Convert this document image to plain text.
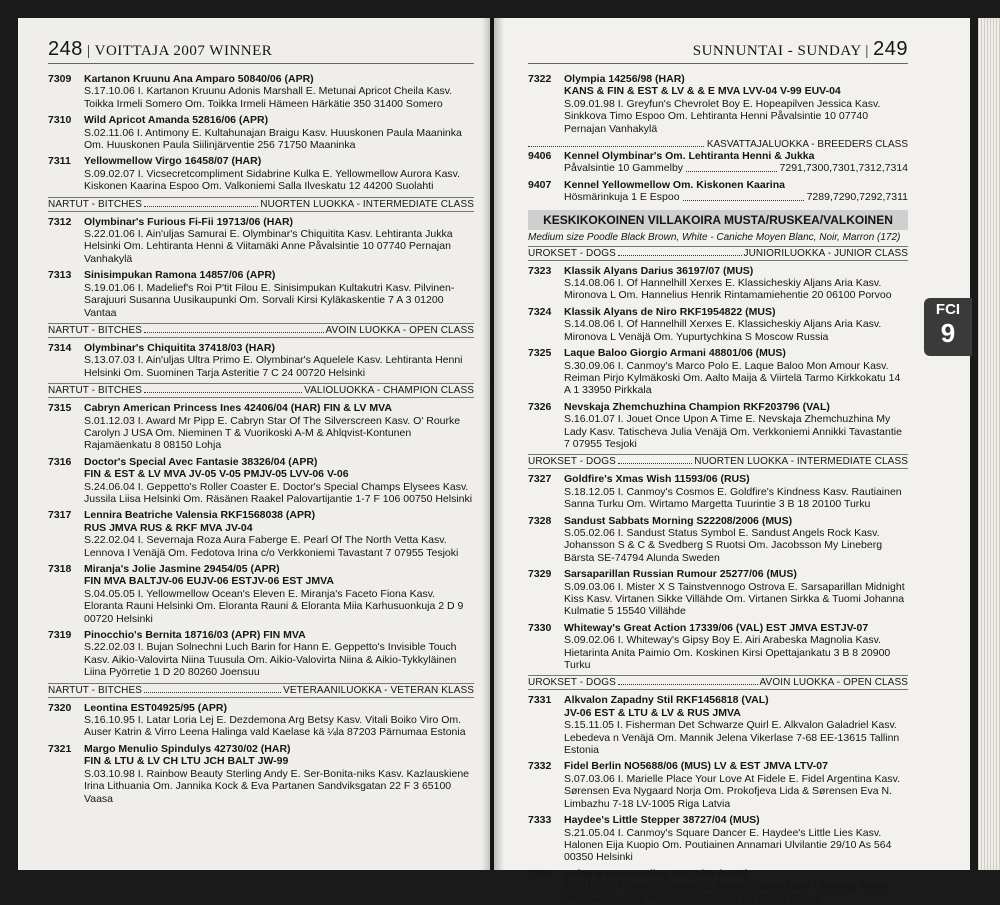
248 | VOITTAJA 2007 WINNER
7309	Kartanon Kruunu Ana Amparo 50840/06 (APR)
S.17.10.06 I. Kartanon Kruunu Adonis Marshall E. Metunai Apricot Cheila Kasv. Toikka Irmeli Somero Om. Toikka Irmeli Hämeen Härkätie 350 31400 Somero
7310	Wild Apricot Amanda 52816/06 (APR)
S.02.11.06 I. Antimony E. Kultahunajan Braigu Kasv. Huuskonen Paula Maaninka Om. Huuskonen Paula Siilinjärventie 256 71750 Maaninka
7311	Yellowmellow Virgo 16458/07 (HAR)
S.09.02.07 I. Vicsecretcompliment Sidabrine Kulka E. Yellowmellow Aurora Kasv. Kiskonen Kaarina Espoo Om. Valkoniemi Salla Ilveskatu 12 44200 Suolahti
NARTUT - BITCHES	NUORTEN LUOKKA - INTERMEDIATE CLASS
7312	Olymbinar's Furious Fi-Fii 19713/06 (HAR)
S.22.01.06 I. Ain'uljas Samurai E. Olymbinar's Chiquitita Kasv. Lehtiranta Jukka Helsinki Om. Lehtiranta Henni & Viitamäki Anne Påvalsintie 10 07740 Pernajan Vanhakylä
7313	Sinisimpukan Ramona 14857/06 (APR)
S.19.01.06 I. Madelief's Roi P'tit Filou E. Sinisimpukan Kultakutri Kasv. Pilvinen-Sarajuuri Susanna Uusikaupunki Om. Sorvali Kirsi Kyläkaskentie 7 A 3 01200 Vantaa
NARTUT - BITCHES	AVOIN LUOKKA - OPEN CLASS
7314	Olymbinar's Chiquitita 37418/03 (HAR)
S.13.07.03 I. Ain'uljas Ultra Primo E. Olymbinar's Aquelele Kasv. Lehtiranta Henni Helsinki Om. Suominen Tarja Asteritie 7 C 24 00720 Helsinki
NARTUT - BITCHES	VALIOLUOKKA - CHAMPION CLASS
7315	Cabryn American Princess Ines 42406/04 (HAR) FIN & LV MVA
S.01.12.03 I. Award Mr Pipp E. Cabryn Star Of The Silverscreen Kasv. O' Rourke Carolyn J USA Om. Nieminen T & Vuorikoski A-M & Ahlqvist-Kontunen Rajamäenkatu 8 08150 Lohja
7316	Doctor's Special Avec Fantasie 38326/04 (APR)
FIN & EST & LV MVA JV-05 V-05 PMJV-05 LVV-06 V-06
S.24.06.04 I. Geppetto's Roller Coaster E. Doctor's Special Champs Elysees Kasv. Jussila Liisa Helsinki Om. Räsänen Raakel Palovartijantie 1-7 F 106 00750 Helsinki
7317	Lennira Beatriche Valensia RKF1568038 (APR)
RUS JMVA RUS & RKF MVA JV-04
S.22.02.04 I. Severnaja Roza Aura Faberge E. Pearl Of The North Vetta Kasv. Lennova I Venäjä Om. Fedotova Irina c/o Verkkoniemi Tavastant 7 07955 Tesjoki
7318	Miranja's Jolie Jasmine 29454/05 (APR)
FIN MVA BALTJV-06 EUJV-06 ESTJV-06 EST JMVA
S.04.05.05 I. Yellowmellow Ocean's Eleven E. Miranja's Faceto Fiona Kasv. Eloranta Rauni Helsinki Om. Eloranta Rauni & Eloranta Miia Karhusuonkuja 2 D 9 00720 Helsinki
7319	Pinocchio's Bernita 18716/03 (APR) FIN MVA
S.22.02.03 I. Bujan Solnechni Luch Barin for Hann E. Geppetto's Invisible Touch Kasv. Aikio-Valovirta Niina Tuusula Om. Aikio-Valovirta Niina & Aikio-Tykkyläinen Liina Pyörretie 1 D 20 80260 Joensuu
NARTUT - BITCHES	VETERAANILUOKKA - VETERAN KLASS
7320	Leontina EST04925/95 (APR)
S.16.10.95 I. Latar Loria Lej E. Dezdemona Arg Betsy Kasv. Vitali Boiko Viro Om. Auser Katrin & Virro Leena Halinga vald Kaelase kä ¼la 87203 Pärnumaa Estonia
7321	Margo Menulio Spindulys 42730/02 (HAR)
FIN & LTU & LV CH LTU JCH BALT JW-99
S.03.10.98 I. Rainbow Beauty Sterling Andy E. Ser-Bonita-niks Kasv. Kazlauskiene Irina Lithuania Om. Jannika Kock & Eva Partanen Sandviksgatan 22 F 3 65100 Vaasa
SUNNUNTAI - SUNDAY | 249
7322	Olympia 14256/98 (HAR)
KANS & FIN & EST & LV & & E MVA LVV-04 V-99 EUV-04
S.09.01.98 I. Greyfun's Chevrolet Boy E. Hopeapilven Jessica Kasv. Sinkkova Timo Espoo Om. Lehtiranta Henni Påvalsintie 10 07740 Pernajan Vanhakylä
KASVATTAJALUOKKA - BREEDERS CLASS
9406	Kennel Olymbinar's Om. Lehtiranta Henni & Jukka
Påvalsintie 10 Gammelby	7291,7300,7301,7312,7314
9407	Kennel Yellowmellow Om. Kiskonen Kaarina
Hösmärinkuja 1 E Espoo	7289,7290,7292,7311
KESKIKOKOINEN VILLAKOIRA MUSTA/RUSKEA/VALKOINEN
Medium size Poodle Black Brown, White - Caniche Moyen Blanc, Noir, Marron (172)
UROKSET - DOGS	JUNIORILUOKKA - JUNIOR CLASS
7323	Klassik Alyans Darius 36197/07 (MUS)
S.14.08.06 I. Of Hannelhill Xerxes E. Klassicheskiy Aljans Aria Kasv. Mironova L Om. Hannelius Henrik Rintamamiehentie 20 06100 Porvoo
7324	Klassik Alyans de Niro RKF1954822 (MUS)
S.14.08.06 I. Of Hannelhill Xerxes E. Klassicheskiy Aljans Aria Kasv. Mironova L Venäjä Om. Yupurtychkina S Moscow Russia
7325	Laque Baloo Giorgio Armani 48801/06 (MUS)
S.30.09.06 I. Canmoy's Marco Polo E. Laque Baloo Mon Amour Kasv. Reiman Pirjo Kylmäkoski Om. Aalto Maija & Viirtelä Tarmo Kirkkokatu 14 A 1 33950 Pirkkala
7326	Nevskaja Zhemchuzhina Champion RKF203796 (VAL)
S.16.01.07 I. Jouet Once Upon A Time E. Nevskaja Zhemchuzhina My Lady Kasv. Tatischeva Julia Venäjä Om. Verkkoniemi Annikki Tavastantie 7 07955 Tesjoki
UROKSET - DOGS	NUORTEN LUOKKA - INTERMEDIATE CLASS
7327	Goldfire's Xmas Wish 11593/06 (RUS)
S.18.12.05 I. Canmoy's Cosmos E. Goldfire's Kindness Kasv. Rautiainen Sanna Turku Om. Wirtamo Margetta Tuurintie 3 B 18 20100 Turku
7328	Sandust Sabbats Morning S22208/2006 (MUS)
S.05.02.06 I. Sandust Status Symbol E. Sandust Angels Rock Kasv. Johansson S & C & Svedberg S Ruotsi Om. Jacobsson My Lineberg Bärsta SE-74794 Alunda Sweden
7329	Sarsaparillan Russian Rumour 25277/06 (MUS)
S.09.03.06 I. Mister X S Tainstvennogo Ostrova E. Sarsaparillan Midnight Kiss Kasv. Virtanen Sikke Villähde Om. Virtanen Sirkka & Tuomi Johanna Kulmatie 5 15540 Villähde
7330	Whiteway's Great Action 17339/06 (VAL) EST JMVA ESTJV-07
S.09.02.06 I. Whiteway's Gipsy Boy E. Airi Arabeska Magnolia Kasv. Hietarinta Anita Paimio Om. Koskinen Kirsi Opettajankatu 3 B 8 20900 Turku
UROKSET - DOGS	AVOIN LUOKKA - OPEN CLASS
7331	Alkvalon Zapadny Stil RKF1456818 (VAL)
JV-06 EST & LTU & LV & RUS JMVA
S.15.11.05 I. Fisherman Det Schwarze Quirl E. Alkvalon Galadriel Kasv. Lebedeva n Venäjä Om. Mannik Jelena Vikerlase 7-68 EE-13615 Tallinn Estonia
7332	Fidel Berlin NO5688/06 (MUS) LV & EST JMVA LTV-07
S.07.03.06 I. Marielle Place Your Love At Fidele E. Fidel Argentina Kasv. Sørensen Eva Nygaard Norja Om. Prokofjeva Lida & Sørensen Eva N. Limbazhu 7-18 LV-1005 Riga Latvia
7333	Haydee's Little Stepper 38727/04 (MUS)
S.21.05.04 I. Canmoy's Square Dancer E. Haydee's Little Lies Kasv. Halonen Eija Kuopio Om. Poutiainen Annamari Ulvilantie 29/10 As 564 00350 Helsinki
7334	Soltar's Neverending 42476/05 (MUS)
S.19.07.05 I. Soltar's Eternity E. Soltar's Vogue Kasv. Lillstrang Jukka Helsinki Om. Jyly Noora Räisäläntie 13 A 02140 Espoo
FCI
9
